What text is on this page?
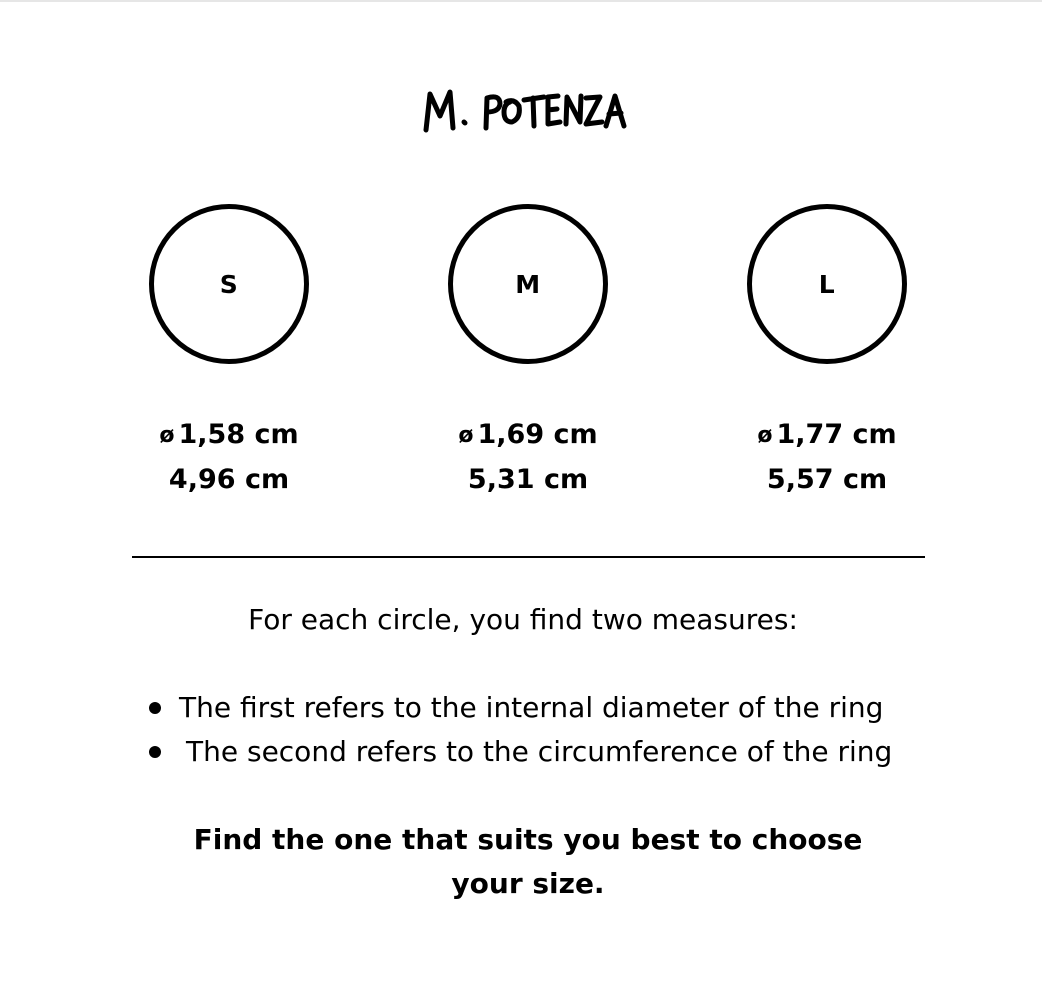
S
ø 1,58 cm
4,96 cm
M
ø 1,69 cm
5,31 cm
L
ø 1,77 cm
5,57 cm
For each circle, you find two measures:
The first refers to the internal diameter of the ring
The second refers to the circumference of the ring
Find the one that suits you best to choose
your size.
